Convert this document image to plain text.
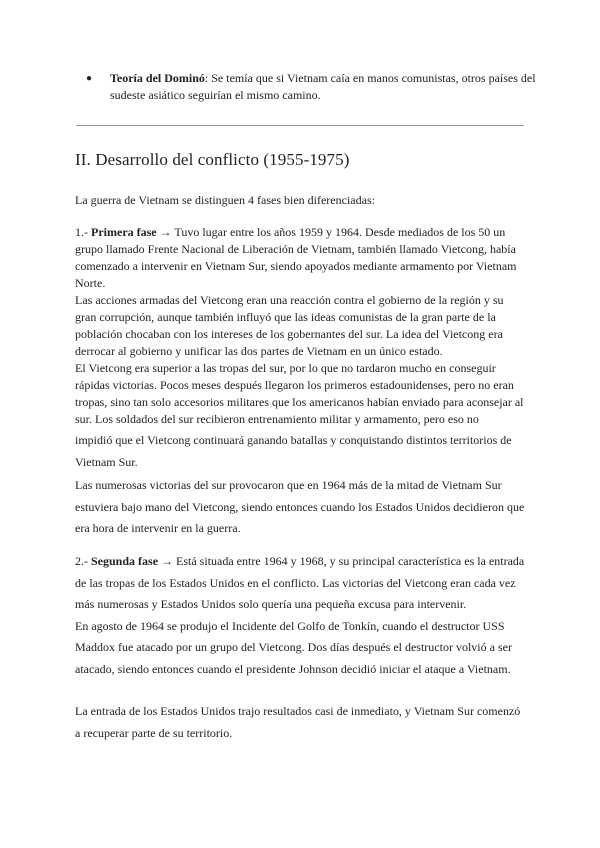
● Teoría del Dominó: Se temía que si Vietnam caía en manos comunistas, otros países del sudeste asiático seguirían el mismo camino.
II. Desarrollo del conflicto (1955-1975)

La guerra de Vietnam se distinguen 4 fases bien diferenciadas:

1.- Primera fase → Tuvo lugar entre los años 1959 y 1964. Desde mediados de los 50 un grupo llamado Frente Nacional de Liberación de Vietnam, también llamado Vietcong, había comenzado a intervenir en Vietnam Sur, siendo apoyados mediante armamento por Vietnam Norte.

Las acciones armadas del Vietcong eran una reacción contra el gobierno de la región y su gran corrupción, aunque también influyó que las ideas comunistas de la gran parte de la población chocaban con los intereses de los gobernantes del sur. La idea del Vietcong era derrocar al gobierno y unificar las dos partes de Vietnam en un único estado.

El Vietcong era superior a las tropas del sur, por lo que no tardaron mucho en conseguir rápidas victorias. Pocos meses después llegaron los primeros estadounidenses, pero no eran tropas, sino tan solo accesorios militares que los americanos habían enviado para aconsejar al sur. Los soldados del sur recibieron entrenamiento militar y armamento, pero eso no

impidió que el Vietcong continuará ganando batallas y conquistando distintos territorios de Vietnam Sur.

Las numerosas victorias del sur provocaron que en 1964 más de la mitad de Vietnam Sur estuviera bajo mano del Vietcong, siendo entonces cuando los Estados Unidos decidieron que era hora de intervenir en la guerra.

2.- Segunda fase → Está situada entre 1964 y 1968, y su principal característica es la entrada de las tropas de los Estados Unidos en el conflicto. Las victorias del Vietcong eran cada vez más numerosas y Estados Unidos solo quería una pequeña excusa para intervenir.

En agosto de 1964 se produjo el Incidente del Golfo de Tonkín, cuando el destructor USS Maddox fue atacado por un grupo del Vietcong. Dos días después el destructor volvió a ser atacado, siendo entonces cuando el presidente Johnson decidió iniciar el ataque a Vietnam.

La entrada de los Estados Unidos trajo resultados casi de inmediato, y Vietnam Sur comenzó a recuperar parte de su territorio.
